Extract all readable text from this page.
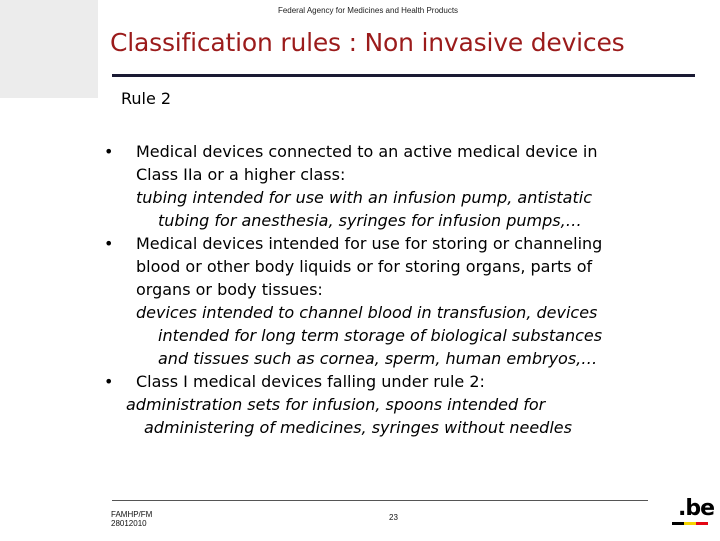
Federal Agency for Medicines and Health Products
Classification rules : Non invasive devices
Rule 2
• Medical devices connected to an active medical device in
Class IIa or a higher class:
tubing intended for use with an infusion pump, antistatic
tubing for anesthesia, syringes for infusion pumps,…
• Medical devices intended for use for storing or channeling
blood or other body liquids or for storing organs, parts of
organs or body tissues:
devices intended to channel blood in transfusion, devices
intended for long term storage of biological substances
and tissues such as cornea, sperm, human embryos,…
• Class I medical devices falling under rule 2:
administration sets for infusion, spoons intended for
administering of medicines, syringes without needles
FAMHP/FM
28012010
23	.be
